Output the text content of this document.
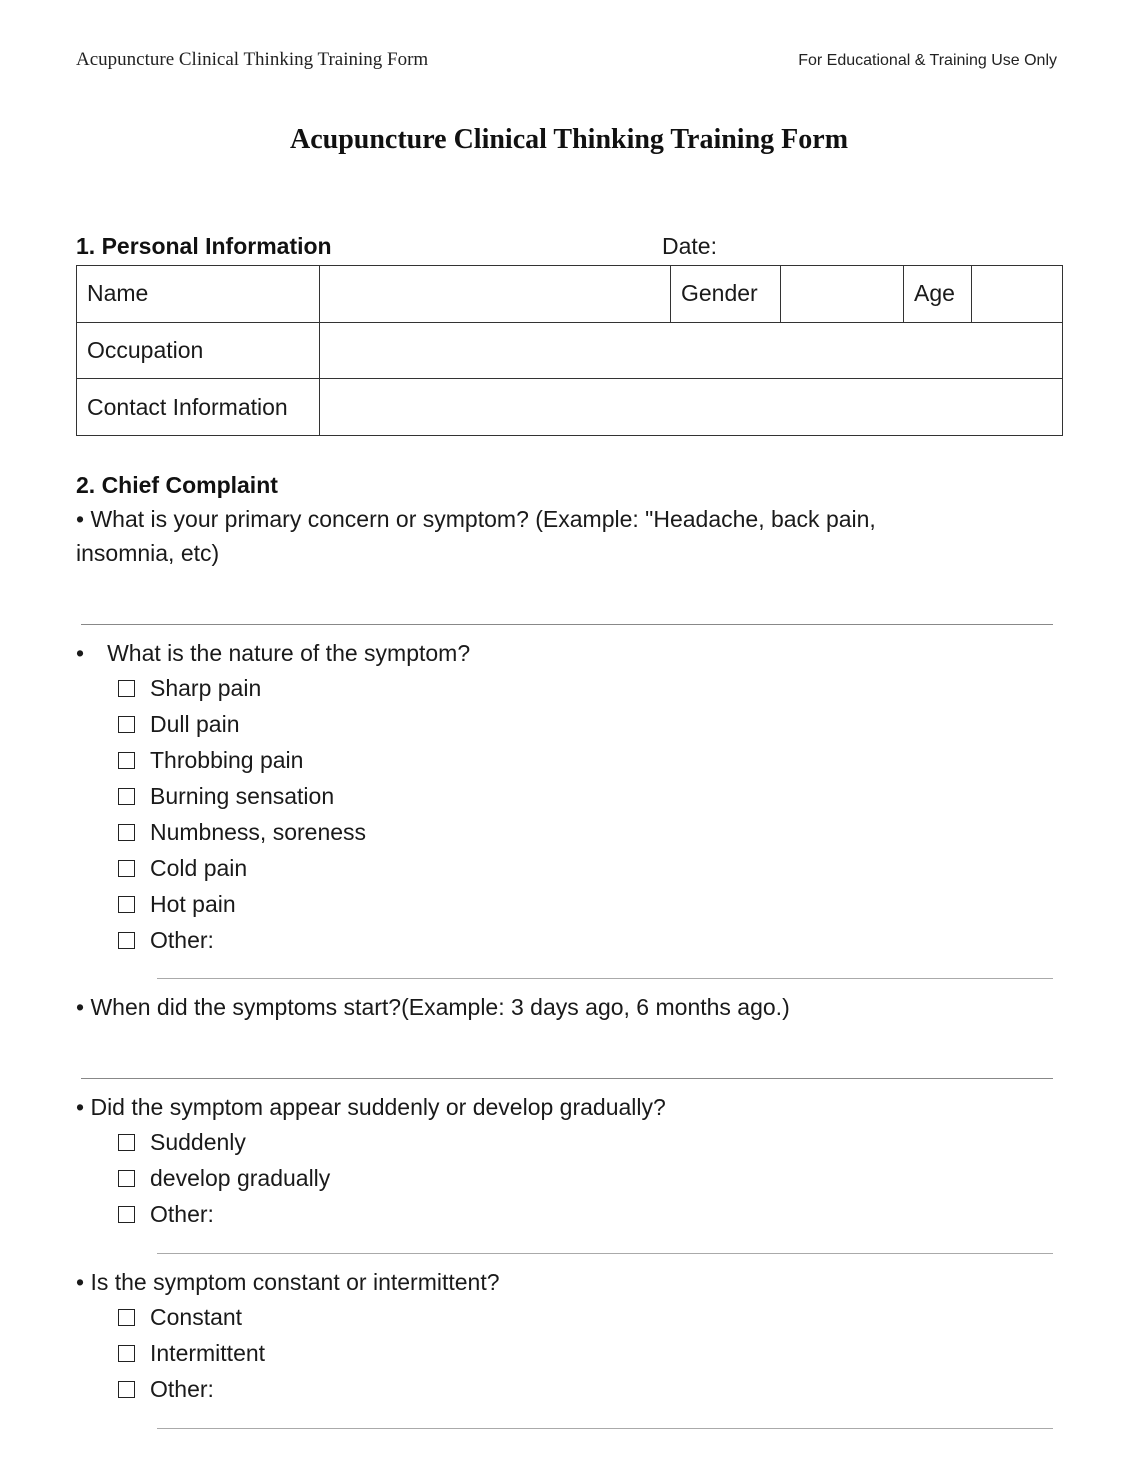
Acupuncture Clinical Thinking Training Form	For Educational & Training Use Only
Acupuncture Clinical Thinking Training Form
1. Personal Information	Date:
Name		Gender		Age	
Occupation					
Contact Information					
2. Chief Complaint
• What is your primary concern or symptom? (Example: "Headache, back pain, insomnia, etc)
• What is the nature of the symptom?
Sharp pain
Dull pain
Throbbing pain
Burning sensation
Numbness, soreness
Cold pain
Hot pain
Other:
• When did the symptoms start?(Example: 3 days ago, 6 months ago.)
• Did the symptom appear suddenly or develop gradually?
Suddenly
develop gradually
Other:
• Is the symptom constant or intermittent?
Constant
Intermittent
Other:
